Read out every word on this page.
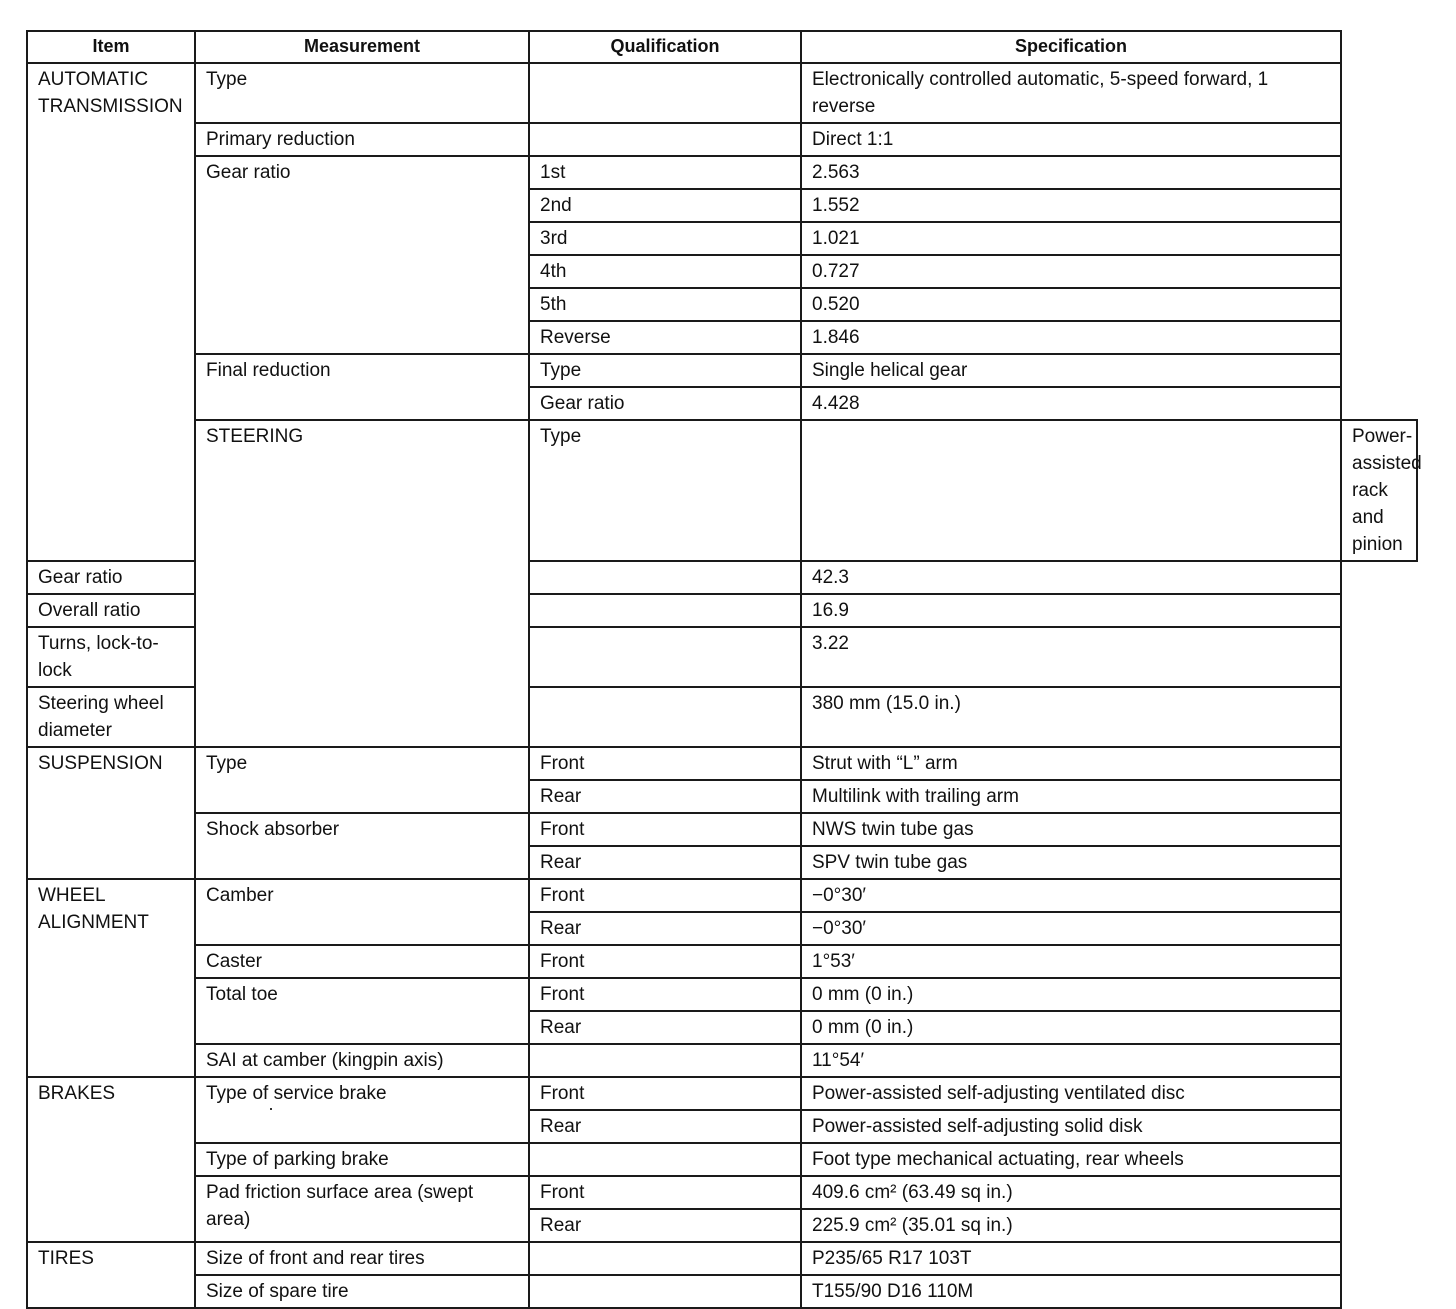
Item	Measurement	Qualification	Specification	
AUTOMATIC TRANSMISSION	Type		Electronically controlled automatic, 5-speed forward, 1 reverse	
	Primary reduction		Direct 1:1	
	Gear ratio	1st	2.563	
		2nd	1.552	
		3rd	1.021	
		4th	0.727	
		5th	0.520	
		Reverse	1.846	
	Final reduction	Type	Single helical gear	
		Gear ratio	4.428	
	STEERING	Type		Power-assisted rack and pinion
Gear ratio			42.3	
Overall ratio			16.9	
Turns, lock-to-lock			3.22	
Steering wheel diameter			380 mm (15.0 in.)	
SUSPENSION	Type	Front	Strut with “L” arm	
		Rear	Multilink with trailing arm	
	Shock absorber	Front	NWS twin tube gas	
		Rear	SPV twin tube gas	
WHEEL ALIGNMENT	Camber	Front	−0°30′	
		Rear	−0°30′	
	Caster	Front	1°53′	
	Total toe	Front	0 mm (0 in.)	
		Rear	0 mm (0 in.)	
	SAI at camber (kingpin axis)		11°54′	
BRAKES	Type of service brake	Front	Power-assisted self-adjusting ventilated disc	
		Rear	Power-assisted self-adjusting solid disk	
	Type of parking brake		Foot type mechanical actuating, rear wheels	
	Pad friction surface area (swept area)	Front	409.6 cm² (63.49 sq in.)	
		Rear	225.9 cm² (35.01 sq in.)	
TIRES	Size of front and rear tires		P235/65 R17 103T	
	Size of spare tire		T155/90 D16 110M	
